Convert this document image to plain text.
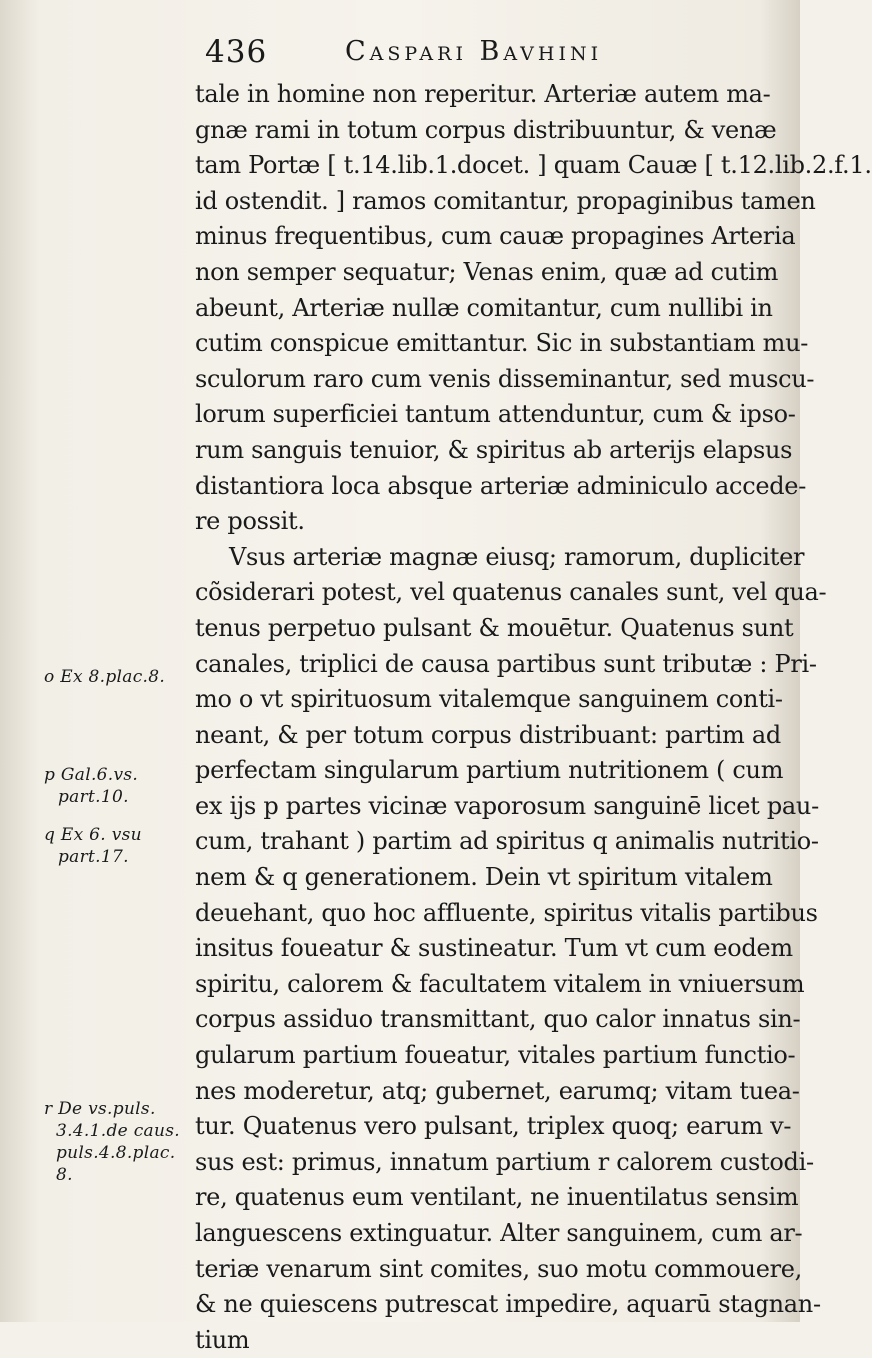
436	Caspari Bavhini
tale in homine non reperitur. Arteriæ autem ma-
gnæ rami in totum corpus distribuuntur, & venæ
tam Portæ [ t.14.lib.1.docet. ] quam Cauæ [ t.12.lib.2.f.1.
id ostendit. ] ramos comitantur, propaginibus tamen
minus frequentibus, cum cauæ propagines Arteria
non semper sequatur; Venas enim, quæ ad cutim
abeunt, Arteriæ nullæ comitantur, cum nullibi in
cutim conspicue emittantur. Sic in substantiam mu-
sculorum raro cum venis disseminantur, sed muscu-
lorum superficiei tantum attenduntur, cum & ipso-
rum sanguis tenuior, & spiritus ab arterijs elapsus
distantiora loca absque arteriæ adminiculo accede-
re possit.
Vsus arteriæ magnæ eiusq; ramorum, dupliciter
cõsiderari potest, vel quatenus canales sunt, vel qua-
tenus perpetuo pulsant & mouētur. Quatenus sunt
canales, triplici de causa partibus sunt tributæ : Pri-
mo o vt spirituosum vitalemque sanguinem conti-
neant, & per totum corpus distribuant: partim ad
perfectam singularum partium nutritionem ( cum
ex ijs p partes vicinæ vaporosum sanguinē licet pau-
cum, trahant ) partim ad spiritus q animalis nutritio-
nem & q generationem. Dein vt spiritum vitalem
deuehant, quo hoc affluente, spiritus vitalis partibus
insitus foueatur & sustineatur. Tum vt cum eodem
spiritu, calorem & facultatem vitalem in vniuersum
corpus assiduo transmittant, quo calor innatus sin-
gularum partium foueatur, vitales partium functio-
nes moderetur, atq; gubernet, earumq; vitam tuea-
tur. Quatenus vero pulsant, triplex quoq; earum v-
sus est: primus, innatum partium r calorem custodi-
re, quatenus eum ventilant, ne inuentilatus sensim
languescens extinguatur. Alter sanguinem, cum ar-
teriæ venarum sint comites, suo motu commouere,
& ne quiescens putrescat impedire, aquarū stagnan-
tium
o Ex 8.plac.8.
p Gal.6.vs.
part.10.
q Ex 6. vsu
part.17.
r De vs.puls.
3.4.1.de caus.
puls.4.8.plac.
8.
